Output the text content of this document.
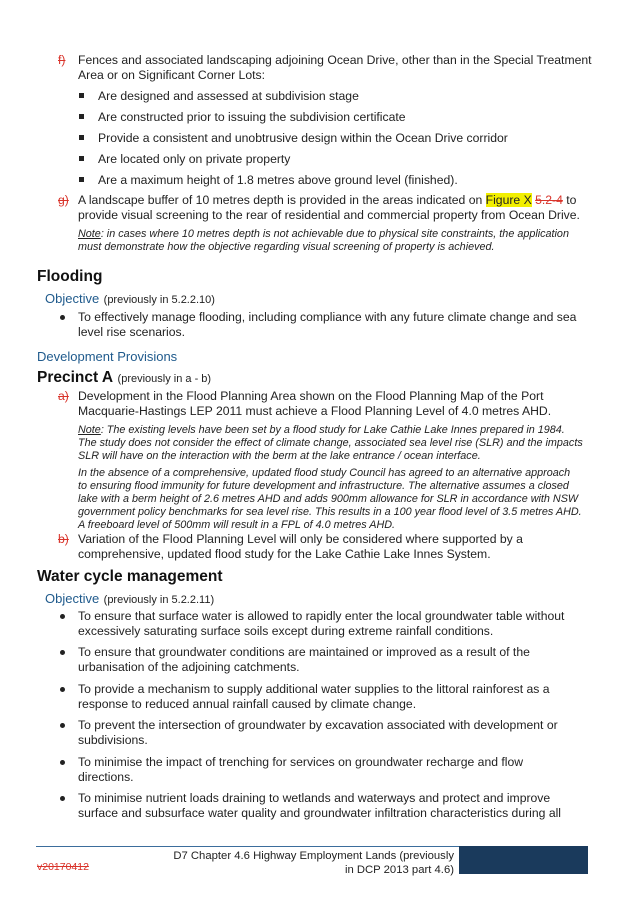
f) Fences and associated landscaping adjoining Ocean Drive, other than in the Special Treatment
Area or on Significant Corner Lots:
Are designed and assessed at subdivision stage
Are constructed prior to issuing the subdivision certificate
Provide a consistent and unobtrusive design within the Ocean Drive corridor
Are located only on private property
Are a maximum height of 1.8 metres above ground level (finished).
g) A landscape buffer of 10 metres depth is provided in the areas indicated on Figure X 5.2-4 to
provide visual screening to the rear of residential and commercial property from Ocean Drive.
Note: in cases where 10 metres depth is not achievable due to physical site constraints, the application
must demonstrate how the objective regarding visual screening of property is achieved.
Flooding
Objective (previously in 5.2.2.10)
To effectively manage flooding, including compliance with any future climate change and sea
level rise scenarios.
Development Provisions
Precinct A (previously in a - b)
a) Development in the Flood Planning Area shown on the Flood Planning Map of the Port
Macquarie-Hastings LEP 2011 must achieve a Flood Planning Level of 4.0 metres AHD.
Note: The existing levels have been set by a flood study for Lake Cathie Lake Innes prepared in 1984.
The study does not consider the effect of climate change, associated sea level rise (SLR) and the impacts
SLR will have on the interaction with the berm at the lake entrance / ocean interface.
In the absence of a comprehensive, updated flood study Council has agreed to an alternative approach
to ensuring flood immunity for future development and infrastructure. The alternative assumes a closed
lake with a berm height of 2.6 metres AHD and adds 900mm allowance for SLR in accordance with NSW
government policy benchmarks for sea level rise. This results in a 100 year flood level of 3.5 metres AHD.
A freeboard level of 500mm will result in a FPL of 4.0 metres AHD.
b) Variation of the Flood Planning Level will only be considered where supported by a
comprehensive, updated flood study for the Lake Cathie Lake Innes System.
Water cycle management
Objective (previously in 5.2.2.11)
To ensure that surface water is allowed to rapidly enter the local groundwater table without
excessively saturating surface soils except during extreme rainfall conditions.
To ensure that groundwater conditions are maintained or improved as a result of the
urbanisation of the adjoining catchments.
To provide a mechanism to supply additional water supplies to the littoral rainforest as a
response to reduced annual rainfall caused by climate change.
To prevent the intersection of groundwater by excavation associated with development or
subdivisions.
To minimise the impact of trenching for services on groundwater recharge and flow
directions.
To minimise nutrient loads draining to wetlands and waterways and protect and improve
surface and subsurface water quality and groundwater infiltration characteristics during all
v20170412
D7 Chapter 4.6 Highway Employment Lands (previously
in DCP 2013 part 4.6)
